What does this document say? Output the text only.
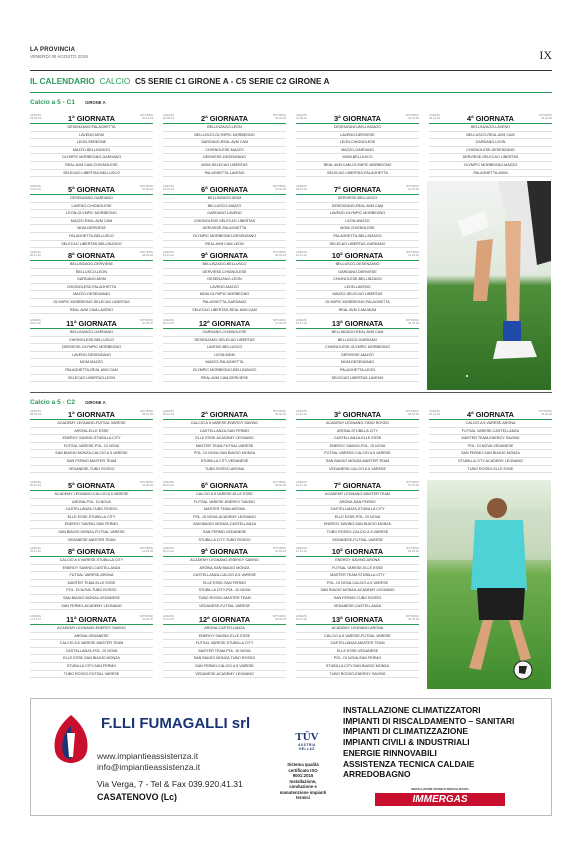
LA PROVINCIA
VENERDÌ 30 AGOSTO 2019	IX
IL CALENDARIO CALCIO C5 SERIE C1 GIRONE A - C5 SERIE C2 GIRONE A
Calcio a 5 - C1 GIRONE A
Calcio a 5 - C2 GIRONE A
ANDATA
13.09.19	1$^a$ GIORNATA	RITORNO
20.12.19
DESENZANO-PALAGHETTA
LAVENO-MGM
LEON-SEREGNE
MAZZO-BELLINZAGO
OLYMPIC MORBEGNO-GARDANO
REAL AVM CAM-CHIGNOLESE
SELECAO LIBERTAS-BELLUSCO
ANDATA
20.09.19	2$^a$ GIORNATA	RITORNO
10.01.20
BELLINZAGO-LEON
BELLUSCO-OLYMPIC MORBEGNO
GARDANO-REAL AVM CAM
CHIGNOLESE-MAZZO
DERVIESE-DESENZANO
MGM-SELECAO LIBERTAS
PALAGHETTA-LAVENO
ANDATA
27.09.19	3$^a$ GIORNATA	RITORNO
24.01.20
DESENZANO-BELLINZAGO
LAVENO-DERVIESE
LEON-CHIGNOLESE
MAZZO-GARDANO
MGM-BELLUSCO
REAL AVM CAM-OLYMPIC MORBEGNO
SELECAO LIBERTAS-PALAGHETTA
ANDATA
04.10.19	4$^a$ GIORNATA	RITORNO
31.01.20
BELLINZAGO-LAVENO
BELLUSCO-REAL AVM CAM
GARDANO-LEON
CHIGNOLESE-DESENZANO
DERVIESE-SELECAO LIBERTAS
OLYMPIC MORBEGNO-MAZZO
PALAGHETTA-MGM
ANDATA
11.10.19	5$^a$ GIORNATA	RITORNO
07.02.20
DESENZANO-GARDANO
LAVENO-CHIGNOLESE
LEON-OLYMPIC MORBEGNO
MAZZO-REAL AVM CAM
MGM-DERVIESE
PALAGHETTA-BELLUSCO
SELECAO LIBERTAS-BELLINZAGO
ANDATA
18.10.19	6$^a$ GIORNATA	RITORNO
14.02.20
BELLINZAGO-MGM
BELLUSCO-MAZZO
GARDANO-LAVENO
CHIGNOLESE-SELECAO LIBERTAS
DERVIESE-PALAGHETTA
OLYMPIC MORBEGNO-DESENZANO
REAL AVM CAM-LEON
ANDATA
25.10.19	7$^a$ GIORNATA	RITORNO
21.02.20
DERVIESE-BELLUSCO
DESENZANO-REAL AVM CAM
LAVENO-OLYMPIC MORBEGNO
LEON-MAZZO
MGM-CHIGNOLESE
PALAGHETTA-BELLINZAGO
SELECAO LIBERTAS-GARDANO
ANDATA
08.11.19	8$^a$ GIORNATA	RITORNO
28.02.20
BELLINZAGO-DERVIESE
BELLUSCO-LEON
GARDANO-MGM
CHIGNOLESE-PALAGHETTA
MAZZO-DESENZANO
OLYMPIC MORBEGNO-SELECAO LIBERTAS
REAL AVM CAM-LAVENO
ANDATA
15.11.19	9$^a$ GIORNATA	RITORNO
06.03.20
BELLINZAGO-BELLUSCO
DERVIESE-CHIGNOLESE
DESENZANO-LEON
LAVENO-MAZZO
MGM-OLYMPIC MORBEGNO
PALAGHETTA-GARDANO
SELECAO LIBERTAS-REAL AVM CAM
ANDATA
22.11.19	10$^a$ GIORNATA	RITORNO
13.03.20
BELLUSCO-DESENZANO
GARDANO-DERVIESE
CHIGNOLESE-BELLINZAGO
LEON-LAVENO
MAZZO-SELECAO LIBERTAS
OLYMPIC MORBEGNO-PALAGHETTA
REAL AVM CAM-MGM
ANDATA
29.11.19	11$^a$ GIORNATA	RITORNO
20.03.20
BELLINZAGO-GARDANO
CHIGNOLESE-BELLUSCO
DERVIESE-OLYMPIC MORBEGNO
LAVENO-DESENZANO
MGM-MAZZO
PALAGHETTA-REAL AVM CAM
SELECAO LIBERTAS-LEON
ANDATA
06.12.19	12$^a$ GIORNATA	RITORNO
27.03.20
GARDANO-CHIGNOLESE
DESENZANO-SELECAO LIBERTAS
LAVENO-BELLUSCO
LEON-MGM
MAZZO-PALAGHETTA
OLYMPIC MORBEGNO-BELLINZAGO
REAL AVM CAM-DERVIESE
ANDATA
13.12.19	13$^a$ GIORNATA	RITORNO
03.04.20
BELLINZAGO-REAL AVM CAM
BELLUSCO-GARDANO
CHIGNOLESE-OLYMPIC MORBEGNO
DERVIESE-MAZZO
MGM-DESENZANO
PALAGHETTA-LEON
SELECAO LIBERTAS-LAVENO
ANDATA
28.09.19	1$^a$ GIORNATA	RITORNO
25.01.20
ACADEMY LEGNANO-FUTSAL VARESE
ARONA-ELLE ESSE
ENERGY SAVING-STUBILLA CITY
FUTSAL VARESE-POL. DI NOVA
SAN BIAGIO MONZA-CALCIO A 5 VARESE
SAN FERMO-MASTER TEAM
VEDANESE-TUBO ROSSO
ANDATA
05.10.19	2$^a$ GIORNATA	RITORNO
01.02.20
CALCIO A 5 VARESE-ENERGY SAVING
CASTELLANZA-SAN FERMO
ELLE ESSE-ACADEMY LEGNANO
MASTER TEAM-FUTSAL VARESE
POL. DI NOVA-SAN BIAGIO MONZA
STUBILLA CITY-VEDANESE
TUBO ROSSO-ARONA
ANDATA
12.10.19	3$^a$ GIORNATA	RITORNO
08.02.20
ACADEMY LEGNANO-TUBO ROSSO
ARONA-STUBILLA CITY
CASTELLANZA-ELLE ESSE
ENERGY SAVING-POL. DI NOVA
FUTSAL VARESE-CALCIO A 5 VARESE
SAN BIAGIO MONZA-MASTER TEAM
VEDANESE-CALCIO A 5 VARESE
ANDATA
19.10.19	4$^a$ GIORNATA	RITORNO
15.02.20
CALCIO A 5 VARESE-ARONA
FUTSAL VARESE-CASTELLANZA
MASTER TEAM-ENERGY SAVING
POL. DI NOVA-VEDANESE
SAN FERMO-SAN BIAGIO MONZA
STUBILLA CITY-ACADEMY LEGNANO
TUBO ROSSO-ELLE ESSE
ANDATA
26.10.19	5$^a$ GIORNATA	RITORNO
22.02.20
ACADEMY LEGNANO-CALCIO A 5 VARESE
ARONA-POL. DI NOVA
CASTELLANZA-TUBO ROSSO
ELLE ESSE-STUBILLA CITY
ENERGY SAVING-SAN FERMO
SAN BIAGIO MONZA-FUTSAL VARESE
VEDANESE-MASTER TEAM
ANDATA
09.11.19	6$^a$ GIORNATA	RITORNO
29.02.20
CALCIO A 5 VARESE-ELLE ESSE
FUTSAL VARESE-ENERGY SAVING
MASTER TEAM-ARONA
POL. DI NOVA-ACADEMY LEGNANO
SAN BIAGIO MONZA-CASTELLANZA
SAN FERMO-VEDANESE
STUBILLA CITY-TUBO ROSSO
ANDATA
16.11.19	7$^a$ GIORNATA	RITORNO
07.03.20
ACADEMY LEGNANO-MASTER TEAM
ARONA-SAN FERMO
CASTELLANZA-STUBILLA CITY
ELLE ESSE-POL. DI NOVA
ENERGY SAVING-SAN BIAGIO MONZA
TUBO ROSSO-CALCIO A 5 VARESE
VEDANESE-FUTSAL VARESE
ANDATA
23.11.19	8$^a$ GIORNATA	RITORNO
14.03.20
CALCIO A 5 VARESE-STUBILLA CITY
ENERGY SAVING-CASTELLANZA
FUTSAL VARESE-ARONA
MASTER TEAM-ELLE ESSE
POL. DI NOVA-TUBO ROSSO
SAN BIAGIO MONZA-VEDANESE
SAN FERMO-ACADEMY LEGNANO
ANDATA
30.11.19	9$^a$ GIORNATA	RITORNO
21.03.20
ACADEMY LEGNANO-ENERGY SAVING
ARONA-SAN BIAGIO MONZA
CASTELLANZA-CALCIO A 5 VARESE
ELLE ESSE-SAN FERMO
STUBILLA CITY-POL. DI NOVA
TUBO ROSSO-MASTER TEAM
VEDANESE-FUTSAL VARESE
ANDATA
07.12.19	10$^a$ GIORNATA	RITORNO
28.03.20
ENERGY SAVING-ARONA
FUTSAL VARESE-ELLE ESSE
MASTER TEAM-STUBILLA CITY
POL. DI NOVA-CALCIO A 5 VARESE
SAN BIAGIO MONZA-ACADEMY LEGNANO
SAN FERMO-TUBO ROSSO
VEDANESE-CASTELLANZA
ANDATA
14.12.19	11$^a$ GIORNATA	RITORNO
04.04.20
ACADEMY LEGNANO-ENERGY SAVING
ARONA-VEDANESE
CALCIO A 5 VARESE-MASTER TEAM
CASTELLANZA-POL. DI NOVA
ELLE ESSE-SAN BIAGIO MONZA
STUBILLA CITY-SAN FERMO
TUBO ROSSO-FUTSAL VARESE
ANDATA
21.12.19	12$^a$ GIORNATA	RITORNO
18.04.20
ARONA-CASTELLANZA
ENERGY SAVING-ELLE ESSE
FUTSAL VARESE-STUBILLA CITY
MASTER TEAM-POL. DI NOVA
SAN BIAGIO MONZA-TUBO ROSSO
SAN FERMO-CALCIO A 5 VARESE
VEDANESE-ACADEMY LEGNANO
ANDATA
18.01.20	13$^a$ GIORNATA	RITORNO
25.04.20
ACADEMY LEGNANO-ARONA
CALCIO A 5 VARESE-FUTSAL VARESE
CASTELLANZA-MASTER TEAM
ELLE ESSE-VEDANESE
POL. DI NOVA-SAN FERMO
STUBILLA CITY-SAN BIAGIO MONZA
TUBO ROSSO-ENERGY SAVING
F.LLI FUMAGALLI srl
www.impiantieassistenza.it
info@impiantieassistenza.it
Via Verga, 7 - Tel & Fax 039.920.41.31
CASATENOVO (Lc)
TÜV
AUSTRIA HELLAS
Sistema qualità certificato ISO 9001:2015 Installazione, conduzione e manutenzione impianti termici
INSTALLAZIONE CLIMATIZZATORI
IMPIANTI DI RISCALDAMENTO – SANITARI
IMPIANTI DI CLIMATIZZAZIONE
IMPIANTI CIVILI & INDUSTRIALI
ENERGIE RINNOVABILI
ASSISTENZA TECNICA CALDAIE
ARREDOBAGNO
INSTALLATORE TECNICO SPECIALIZZATO
IMMERGAS
